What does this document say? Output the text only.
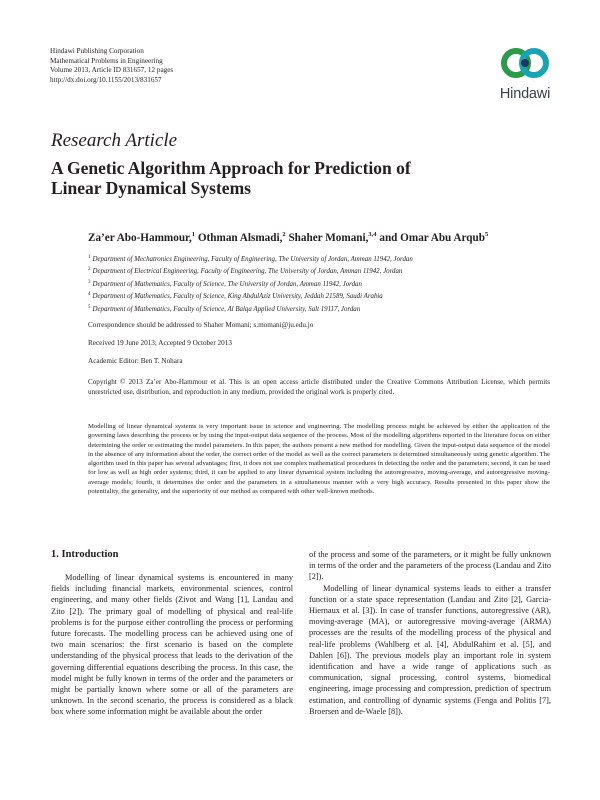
Hindawi Publishing Corporation
Mathematical Problems in Engineering
Volume 2013, Article ID 831657, 12 pages
http://dx.doi.org/10.1155/2013/831657
Hindawi
Research Article
A Genetic Algorithm Approach for Prediction of
Linear Dynamical Systems
Za’er Abo-Hammour,$^1$ Othman Alsmadi,$^2$ Shaher Momani,$^{3,4}$ and Omar Abu Arqub$^5$
$^1$ Department of Mechatronics Engineering, Faculty of Engineering, The University of Jordan, Amman 11942, Jordan
$^2$ Department of Electrical Engineering, Faculty of Engineering, The University of Jordan, Amman 11942, Jordan
$^3$ Department of Mathematics, Faculty of Science, The University of Jordan, Amman 11942, Jordan
$^4$ Department of Mathematics, Faculty of Science, King AbdulAziz University, Jeddah 21589, Saudi Arabia
$^5$ Department of Mathematics, Faculty of Science, Al Balqa Applied University, Salt 19117, Jordan
Correspondence should be addressed to Shaher Momani; s.momani@ju.edu.jo
Received 19 June 2013; Accepted 9 October 2013
Academic Editor: Ben T. Nohara
Copyright © 2013 Za’er Abo-Hammour et al. This is an open access article distributed under the Creative Commons Attribution License, which permits unrestricted use, distribution, and reproduction in any medium, provided the original work is properly cited.
Modelling of linear dynamical systems is very important issue in science and engineering. The modelling process might be achieved by either the application of the governing laws describing the process or by using the input-output data sequence of the process. Most of the modelling algorithms reported in the literature focus on either determining the order or estimating the model parameters. In this paper, the authors present a new method for modelling. Given the input-output data sequence of the model in the absence of any information about the order, the correct order of the model as well as the correct parameters is determined simultaneously using genetic algorithm. The algorithm used in this paper has several advantages; first, it does not use complex mathematical procedures in detecting the order and the parameters; second, it can be used for low as well as high order systems; third, it can be applied to any linear dynamical system including the autoregressive, moving-average, and autoregressive moving-average models; fourth, it determines the order and the parameters in a simultaneous manner with a very high accuracy. Results presented in this paper show the potentiality, the generality, and the superiority of our method as compared with other well-known methods.
1. Introduction

Modelling of linear dynamical systems is encountered in many fields including financial markets, environmental sciences, control engineering, and many other fields (Zivot and Wang [1], Landau and Zito [2]). The primary goal of modelling of physical and real-life problems is for the purpose either controlling the process or performing future forecasts. The modelling process can be achieved using one of two main scenarios: the first scenario is based on the complete understanding of the physical process that leads to the derivation of the governing differential equations describing the process. In this case, the model might be fully known in terms of the order and the parameters or might be partially known where some or all of the parameters are unknown. In the second scenario, the process is considered as a black box where some information might be available about the order

of the process and some of the parameters, or it might be fully unknown in terms of the order and the parameters of the process (Landau and Zito [2]).

Modelling of linear dynamical systems leads to either a transfer function or a state space representation (Landau and Zito [2], Garcia-Hiernaux et al. [3]). In case of transfer functions, autoregressive (AR), moving-average (MA), or autoregressive moving-average (ARMA) processes are the results of the modelling process of the physical and real-life problems (Wahlberg et al. [4], AbdulRahim et al. [5], and Dahlen [6]). The previous models play an important role in system identification and have a wide range of applications such as communication, signal processing, control systems, biomedical engineering, image processing and compression, prediction of spectrum estimation, and controlling of dynamic systems (Fenga and Politis [7], Broersen and de-Waele [8]).
